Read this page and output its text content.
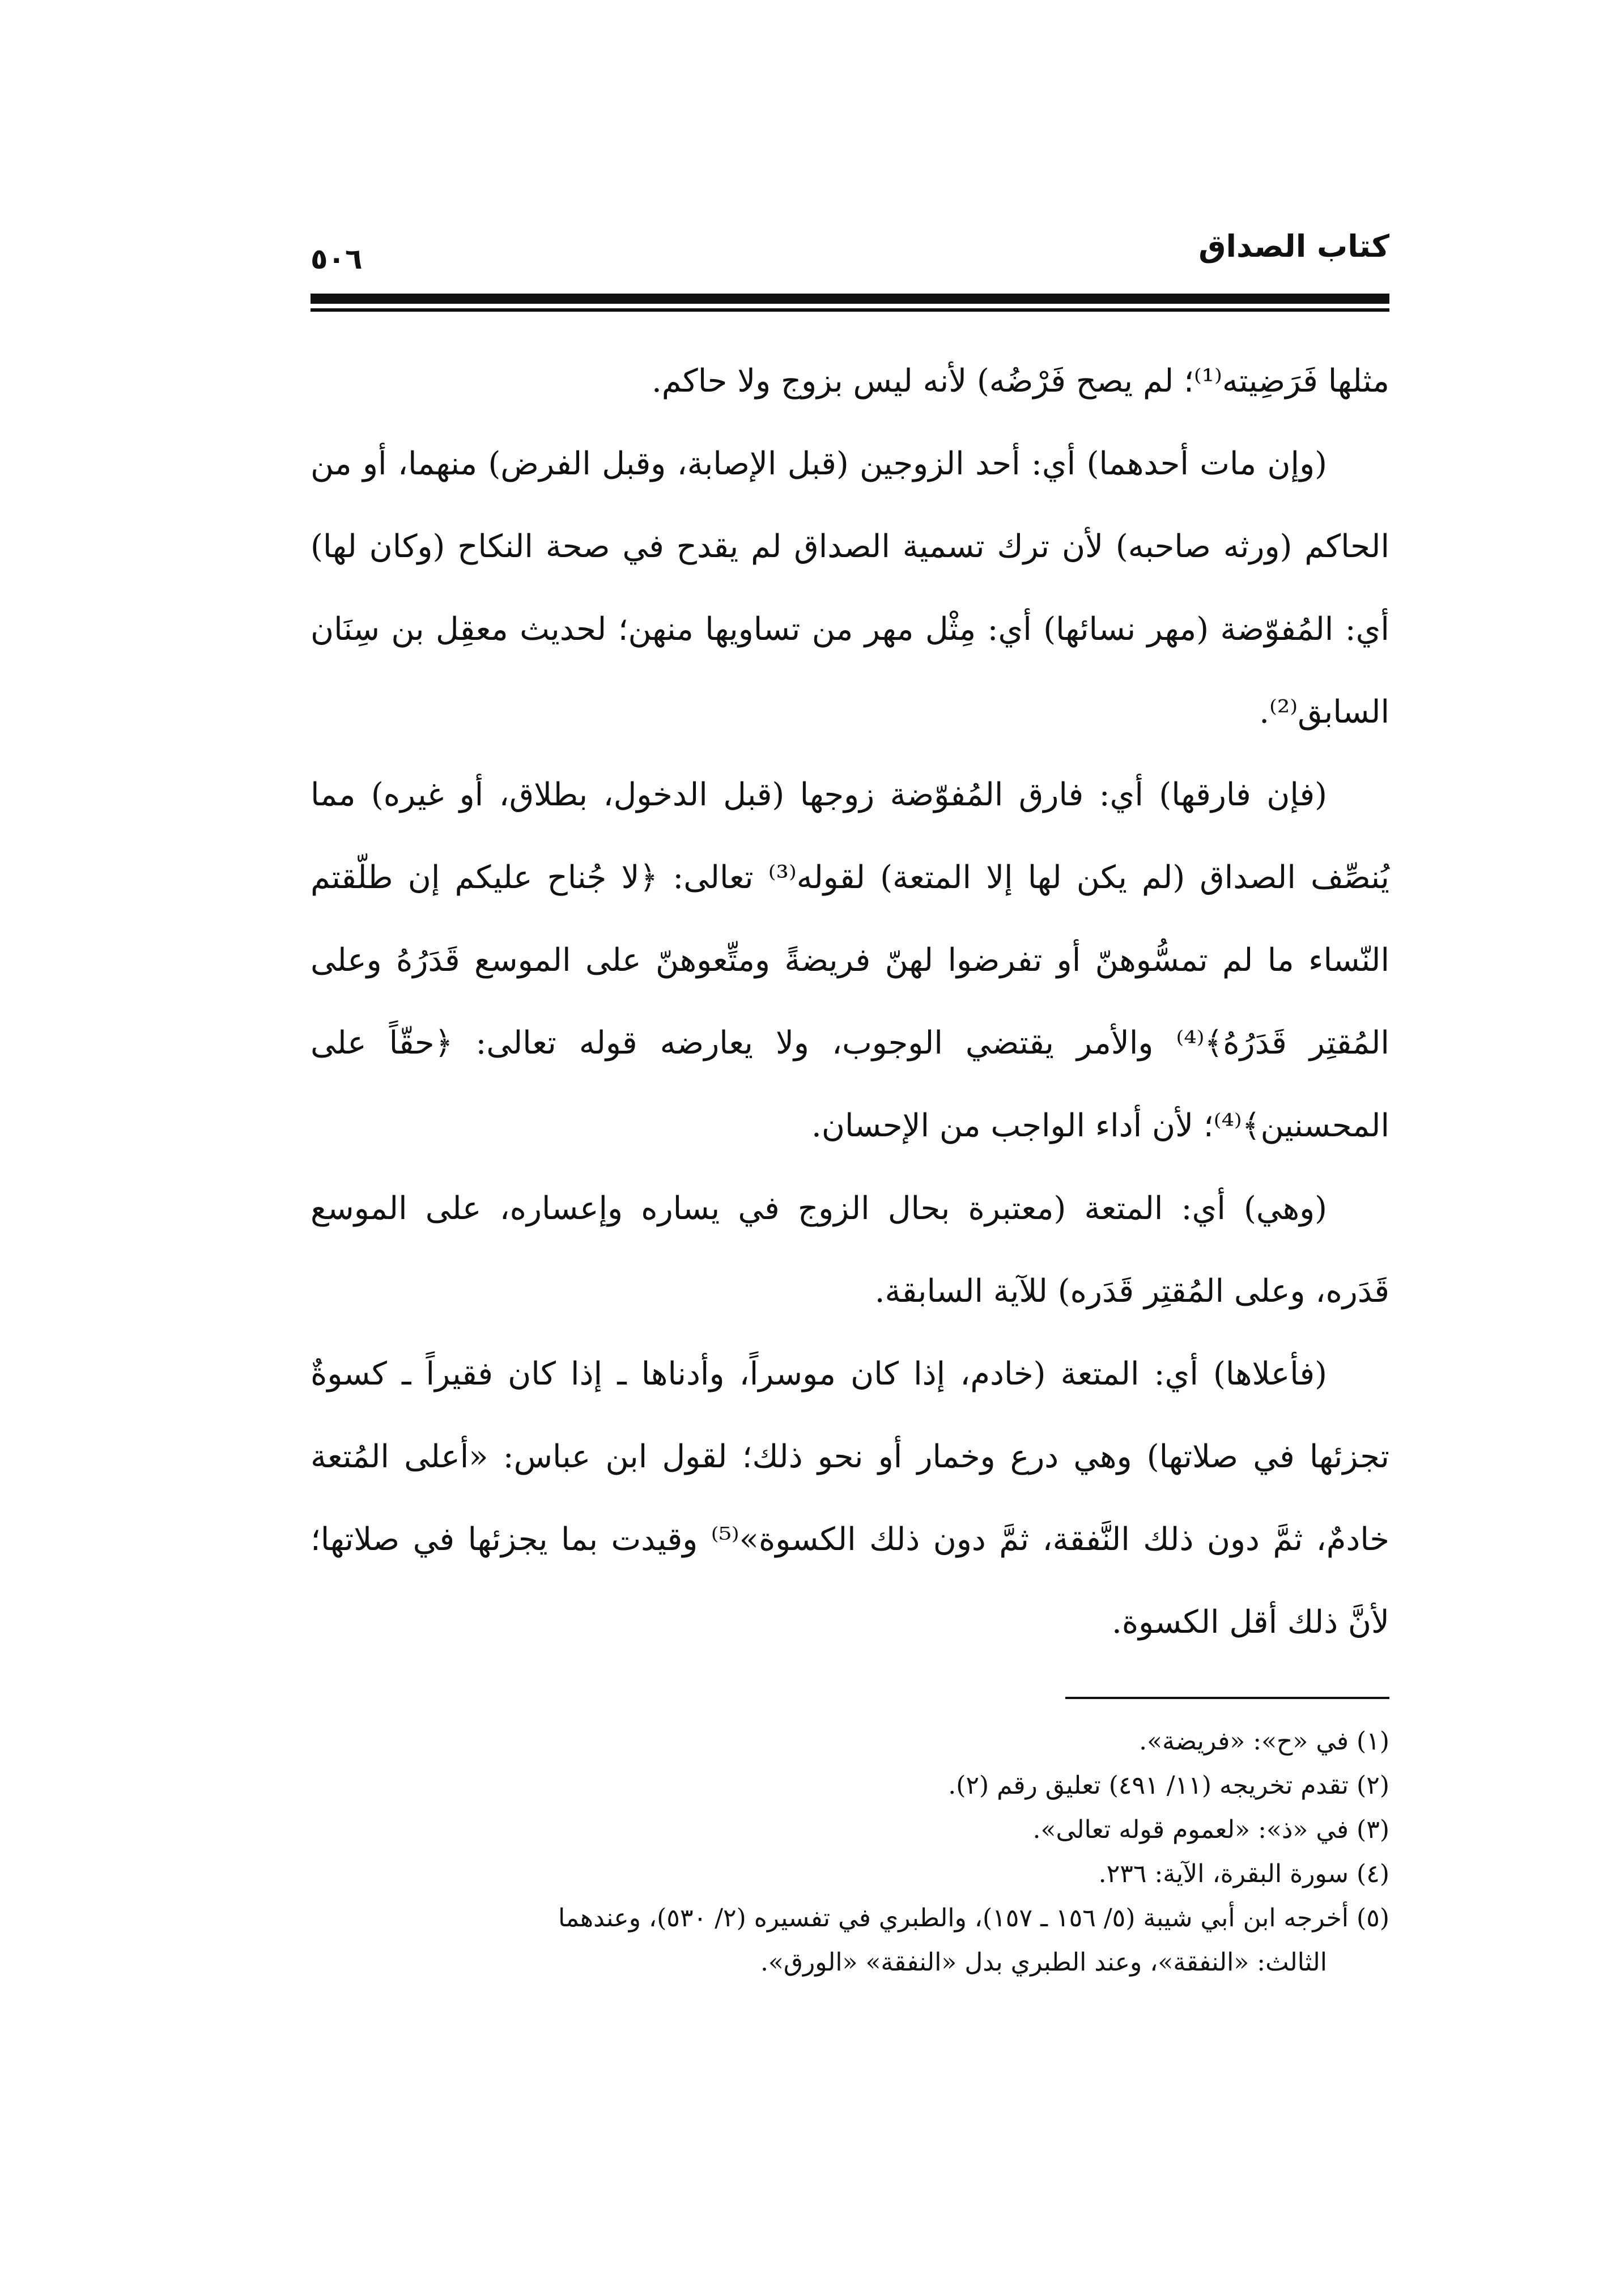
كتاب الصداق
٥٠٦

مثلها فَرَضِيته⁽¹⁾؛ لم يصح فَرْضُه) لأنه ليس بزوج ولا حاكم.

(وإن مات أحدهما) أي: أحد الزوجين (قبل الإصابة، وقبل الفرض) منهما، أو من الحاكم (ورثه صاحبه) لأن ترك تسمية الصداق لم يقدح في صحة النكاح (وكان لها) أي: المُفوّضة (مهر نسائها) أي: مِثْل مهر من تساويها منهن؛ لحديث معقِل بن سِنَان السابق⁽²⁾.

(فإن فارقها) أي: فارق المُفوّضة زوجها (قبل الدخول، بطلاق، أو غيره) مما يُنصِّف الصداق (لم يكن لها إلا المتعة) لقوله⁽³⁾ تعالى: ﴿لا جُناح عليكم إن طلّقتم النّساء ما لم تمسُّوهنّ أو تفرضوا لهنّ فريضةً ومتِّعوهنّ على الموسع قَدَرُهُ وعلى المُقتِر قَدَرُهُ﴾⁽⁴⁾ والأمر يقتضي الوجوب، ولا يعارضه قوله تعالى: ﴿حقّاً على المحسنين﴾⁽⁴⁾؛ لأن أداء الواجب من الإحسان.

(وهي) أي: المتعة (معتبرة بحال الزوج في يساره وإعساره، على الموسع قَدَره، وعلى المُقتِر قَدَره) للآية السابقة.

(فأعلاها) أي: المتعة (خادم، إذا كان موسراً، وأدناها ـ إذا كان فقيراً ـ كسوةٌ تجزئها في صلاتها) وهي درع وخمار أو نحو ذلك؛ لقول ابن عباس: «أعلى المُتعة خادمٌ، ثمَّ دون ذلك النَّفقة، ثمَّ دون ذلك الكسوة»⁽⁵⁾ وقيدت بما يجزئها في صلاتها؛ لأنَّ ذلك أقل الكسوة.

(١) في «ح»: «فريضة».

(٢) تقدم تخريجه (١١/ ٤٩١) تعليق رقم (٢).

(٣) في «ذ»: «لعموم قوله تعالى».

(٤) سورة البقرة، الآية: ٢٣٦.

(٥) أخرجه ابن أبي شيبة (٥/ ١٥٦ ـ ١٥٧)، والطبري في تفسيره (٢/ ٥٣٠)، وعندهما

الثالث: «النفقة»، وعند الطبري بدل «النفقة» «الورق».
